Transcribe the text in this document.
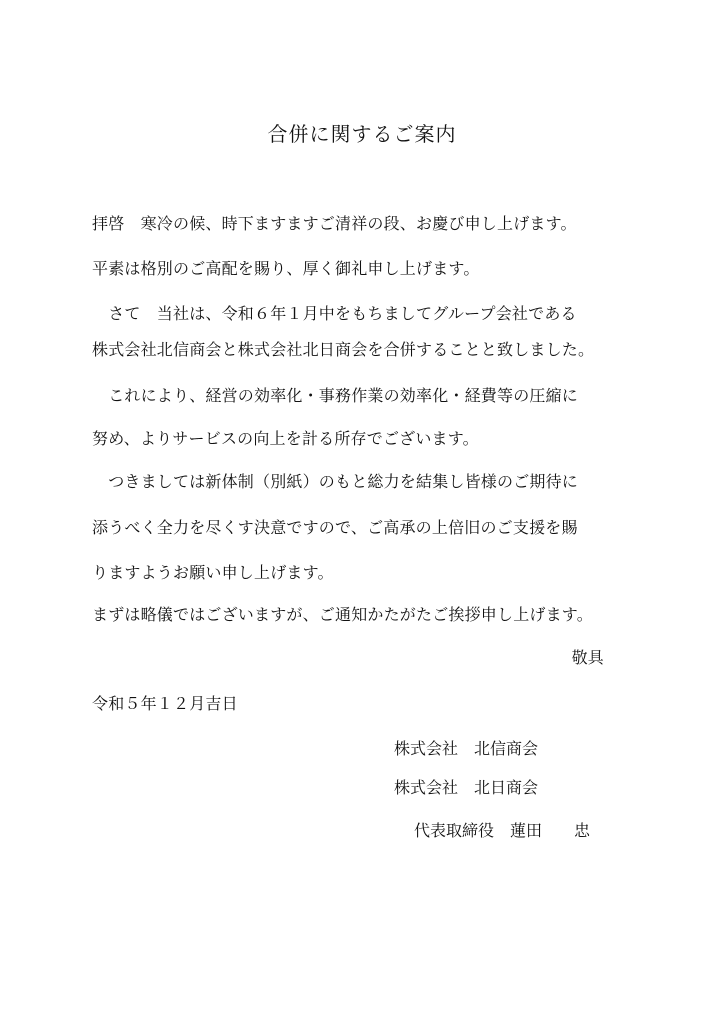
合併に関するご案内
拝啓　寒冷の候、時下ますますご清祥の段、お慶び申し上げます。
平素は格別のご高配を賜り、厚く御礼申し上げます。
　さて　当社は、令和６年１月中をもちましてグループ会社である
株式会社北信商会と株式会社北日商会を合併することと致しました。
　これにより、経営の効率化・事務作業の効率化・経費等の圧縮に
努め、よりサービスの向上を計る所存でございます。
　つきましては新体制（別紙）のもと総力を結集し皆様のご期待に
添うべく全力を尽くす決意ですので、ご高承の上倍旧のご支援を賜
りますようお願い申し上げます。
まずは略儀ではございますが、ご通知かたがたご挨拶申し上げます。
敬具
令和５年１２月吉日
株式会社　北信商会
株式会社　北日商会
代表取締役　蓮田　　忠
